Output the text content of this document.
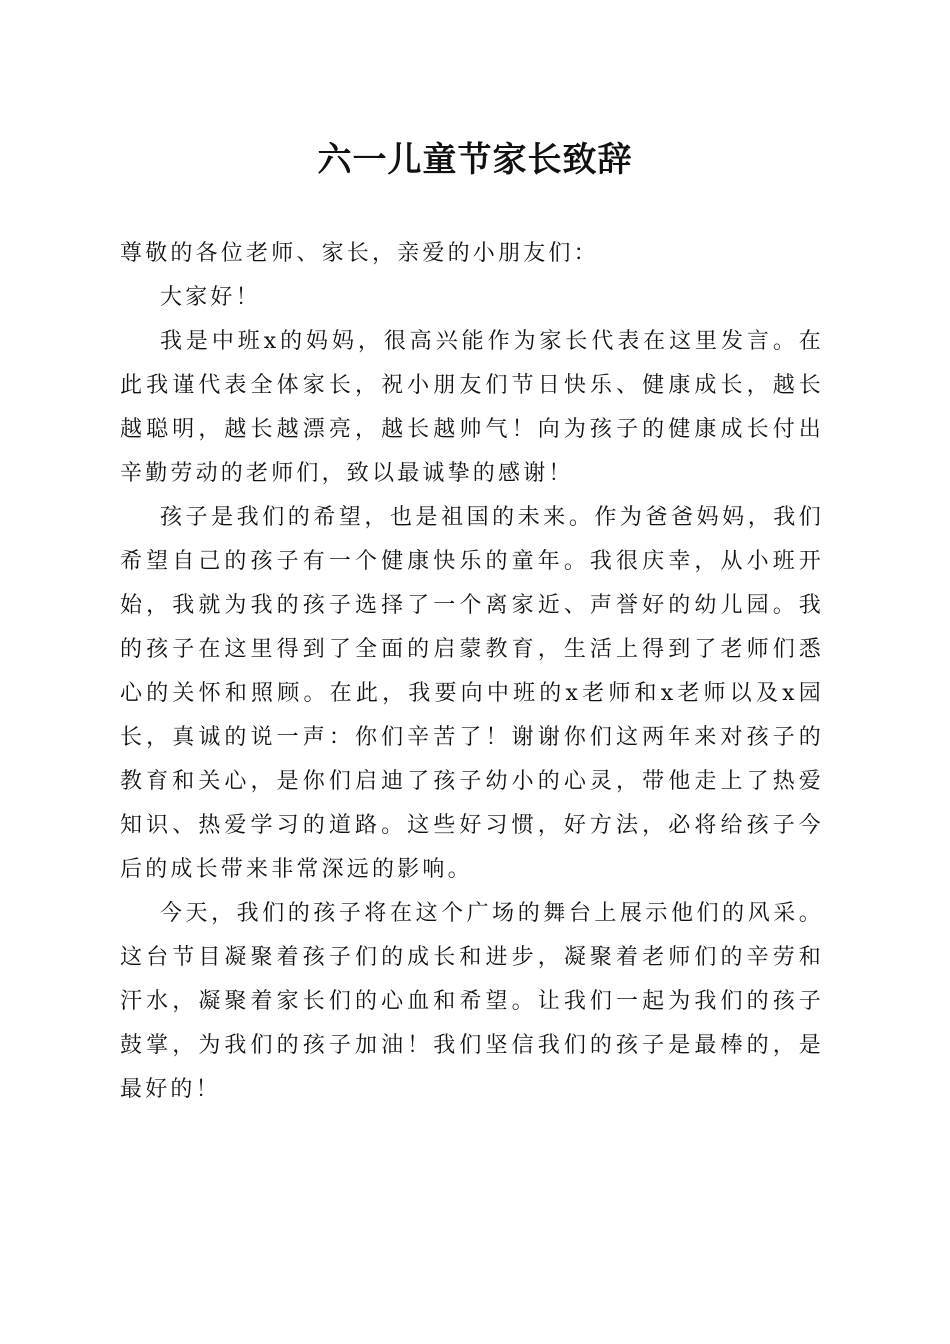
六一儿童节家长致辞

尊敬的各位老师、家长，亲爱的小朋友们：

大家好！

我是中班x的妈妈，很高兴能作为家长代表在这里发言。在此我谨代表全体家长，祝小朋友们节日快乐、健康成长，越长越聪明，越长越漂亮，越长越帅气！向为孩子的健康成长付出辛勤劳动的老师们，致以最诚挚的感谢！

孩子是我们的希望，也是祖国的未来。作为爸爸妈妈，我们希望自己的孩子有一个健康快乐的童年。我很庆幸，从小班开始，我就为我的孩子选择了一个离家近、声誉好的幼儿园。我的孩子在这里得到了全面的启蒙教育，生活上得到了老师们悉心的关怀和照顾。在此，我要向中班的x老师和x老师以及x园长，真诚的说一声：你们辛苦了！谢谢你们这两年来对孩子的教育和关心，是你们启迪了孩子幼小的心灵，带他走上了热爱知识、热爱学习的道路。这些好习惯，好方法，必将给孩子今后的成长带来非常深远的影响。

今天，我们的孩子将在这个广场的舞台上展示他们的风采。这台节目凝聚着孩子们的成长和进步，凝聚着老师们的辛劳和汗水，凝聚着家长们的心血和希望。让我们一起为我们的孩子鼓掌，为我们的孩子加油！我们坚信我们的孩子是最棒的，是最好的！
